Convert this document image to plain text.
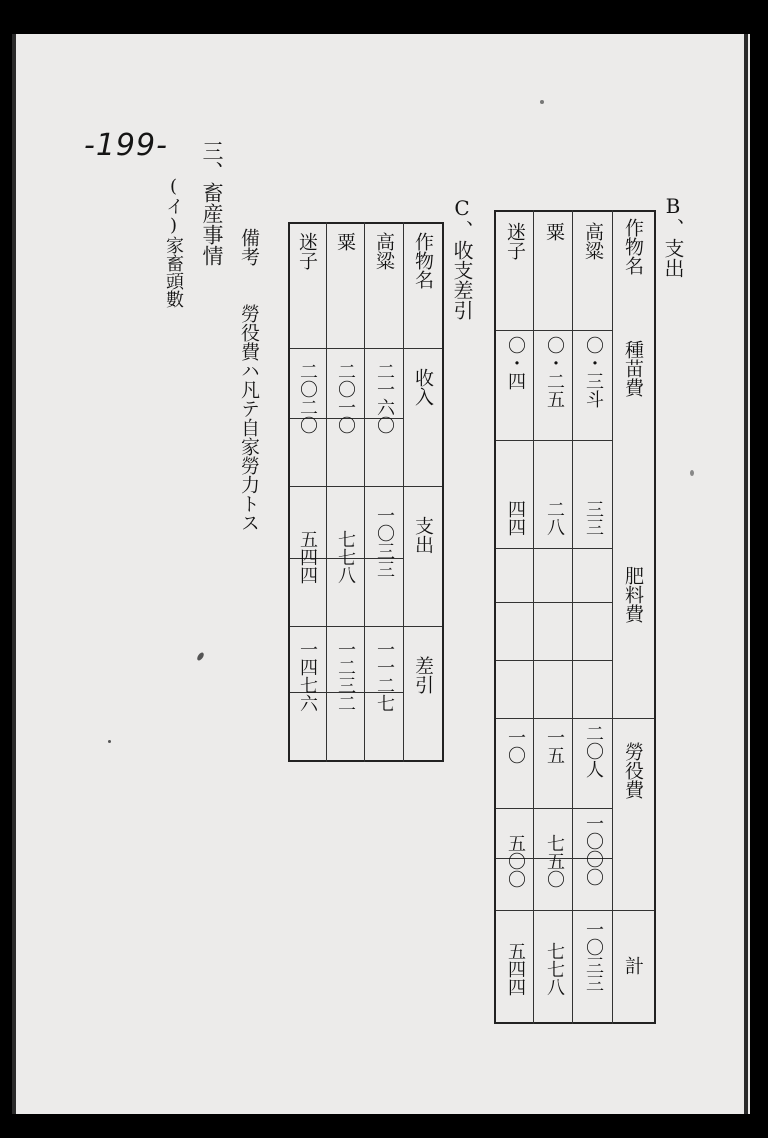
-199- 三、畜産事情
(イ)家畜頭數	備考
勞役費ハ凡テ自家勞力トス
C、收支差引
作物名
收入
支出
差引
高粱
二一六〇
一〇三三
一一二七
粟
二〇一〇
七七八
一二三二
迷子
二〇二〇
五四四
一四七六
B、支出
作物名
種苗費
肥料費
勞役費
計
高粱
〇・三斗
三三
二〇人
一〇〇〇
一〇三三
粟
〇・二五
二八
一五
七五〇
七七八
迷子
〇・四
四四
一〇
五〇〇
五四四
